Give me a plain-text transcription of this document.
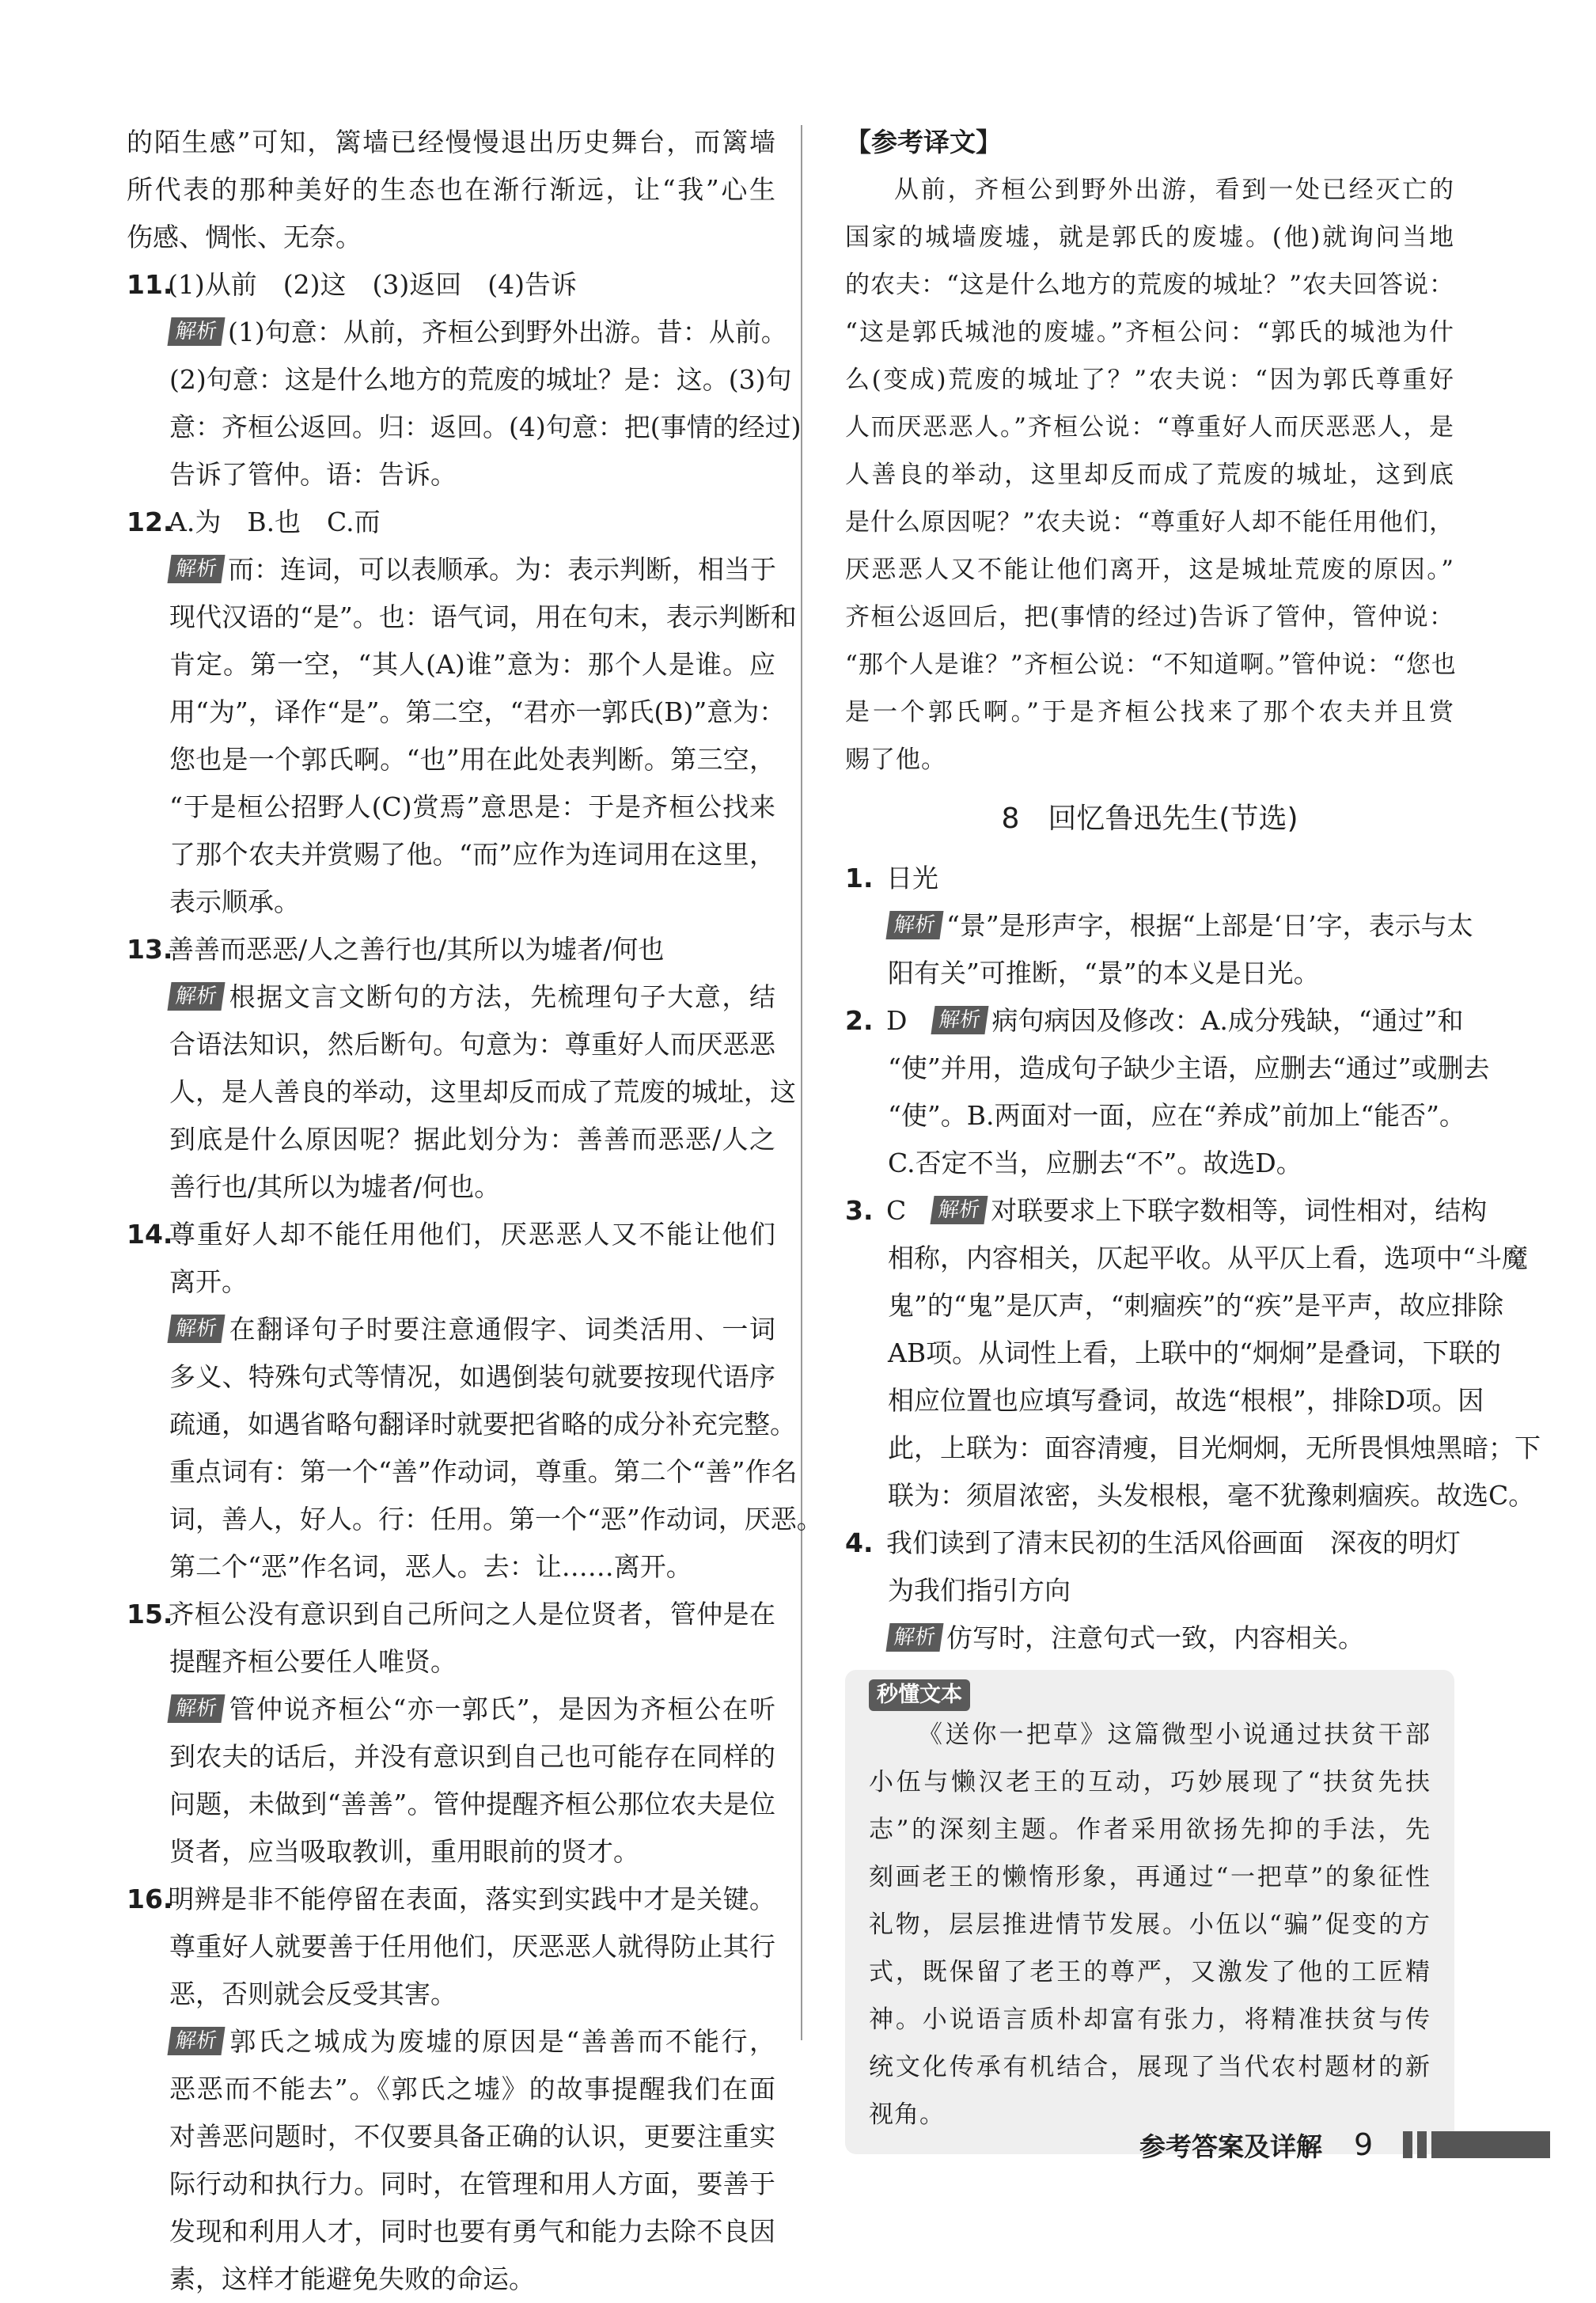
的陌生感”可知，篱墙已经慢慢退出历史舞台，而篱墙
所代表的那种美好的生态也在渐行渐远，让“我”心生
伤感、惆怅、无奈。
11.(1)从前　(2)这　(3)返回　(4)告诉
解析 (1)句意：从前，齐桓公到野外出游。昔：从前。
(2)句意：这是什么地方的荒废的城址？是：这。(3)句
意：齐桓公返回。归：返回。(4)句意：把(事情的经过)
告诉了管仲。语：告诉。
12.A.为　B.也　C.而
解析 而：连词，可以表顺承。为：表示判断，相当于
现代汉语的“是”。也：语气词，用在句末，表示判断和
肯定。第一空，“其人(A)谁”意为：那个人是谁。应
用“为”，译作“是”。第二空，“君亦一郭氏(B)”意为：
您也是一个郭氏啊。“也”用在此处表判断。第三空，
“于是桓公招野人(C)赏焉”意思是：于是齐桓公找来
了那个农夫并赏赐了他。“而”应作为连词用在这里，
表示顺承。
13.善善而恶恶/人之善行也/其所以为墟者/何也
解析 根据文言文断句的方法，先梳理句子大意，结
合语法知识，然后断句。句意为：尊重好人而厌恶恶
人，是人善良的举动，这里却反而成了荒废的城址，这
到底是什么原因呢？据此划分为：善善而恶恶/人之
善行也/其所以为墟者/何也。
14.尊重好人却不能任用他们，厌恶恶人又不能让他们
离开。
解析 在翻译句子时要注意通假字、词类活用、一词
多义、特殊句式等情况，如遇倒装句就要按现代语序
疏通，如遇省略句翻译时就要把省略的成分补充完整。
重点词有：第一个“善”作动词，尊重。第二个“善”作名
词，善人，好人。行：任用。第一个“恶”作动词，厌恶。
第二个“恶”作名词，恶人。去：让……离开。
15.齐桓公没有意识到自己所问之人是位贤者，管仲是在
提醒齐桓公要任人唯贤。
解析 管仲说齐桓公“亦一郭氏”，是因为齐桓公在听
到农夫的话后，并没有意识到自己也可能存在同样的
问题，未做到“善善”。管仲提醒齐桓公那位农夫是位
贤者，应当吸取教训，重用眼前的贤才。
16.明辨是非不能停留在表面，落实到实践中才是关键。
尊重好人就要善于任用他们，厌恶恶人就得防止其行
恶，否则就会反受其害。
解析 郭氏之城成为废墟的原因是“善善而不能行，
恶恶而不能去”。《郭氏之墟》的故事提醒我们在面
对善恶问题时，不仅要具备正确的认识，更要注重实
际行动和执行力。同时，在管理和用人方面，要善于
发现和利用人才，同时也要有勇气和能力去除不良因
素，这样才能避免失败的命运。
【参考译文】
从前，齐桓公到野外出游，看到一处已经灭亡的
国家的城墙废墟，就是郭氏的废墟。(他)就询问当地
的农夫：“这是什么地方的荒废的城址？”农夫回答说：
“这是郭氏城池的废墟。”齐桓公问：“郭氏的城池为什
么(变成)荒废的城址了？”农夫说：“因为郭氏尊重好
人而厌恶恶人。”齐桓公说：“尊重好人而厌恶恶人，是
人善良的举动，这里却反而成了荒废的城址，这到底
是什么原因呢？”农夫说：“尊重好人却不能任用他们，
厌恶恶人又不能让他们离开，这是城址荒废的原因。”
齐桓公返回后，把(事情的经过)告诉了管仲，管仲说：
“那个人是谁？”齐桓公说：“不知道啊。”管仲说：“您也
是一个郭氏啊。”于是齐桓公找来了那个农夫并且赏
赐了他。
8　回忆鲁迅先生(节选)
1. 日光
解析 “景”是形声字，根据“上部是‘日’字，表示与太
阳有关”可推断，“景”的本义是日光。
2. D　 解析 病句病因及修改：A.成分残缺，“通过”和
“使”并用，造成句子缺少主语，应删去“通过”或删去
“使”。B.两面对一面，应在“养成”前加上“能否”。
C.否定不当，应删去“不”。故选D。
3. C　 解析 对联要求上下联字数相等，词性相对，结构
相称，内容相关，仄起平收。从平仄上看，选项中“斗魔
鬼”的“鬼”是仄声，“刺痼疾”的“疾”是平声，故应排除
AB项。从词性上看，上联中的“炯炯”是叠词，下联的
相应位置也应填写叠词，故选“根根”，排除D项。因
此，上联为：面容清瘦，目光炯炯，无所畏惧烛黑暗；下
联为：须眉浓密，头发根根，毫不犹豫刺痼疾。故选C。
4. 我们读到了清末民初的生活风俗画面　深夜的明灯
为我们指引方向
解析 仿写时，注意句式一致，内容相关。
秒懂文本
《送你一把草》这篇微型小说通过扶贫干部
小伍与懒汉老王的互动，巧妙展现了“扶贫先扶
志”的深刻主题。作者采用欲扬先抑的手法，先
刻画老王的懒惰形象，再通过“一把草”的象征性
礼物，层层推进情节发展。小伍以“骗”促变的方
式，既保留了老王的尊严，又激发了他的工匠精
神。小说语言质朴却富有张力，将精准扶贫与传
统文化传承有机结合，展现了当代农村题材的新
视角。
参考答案及详解 9
